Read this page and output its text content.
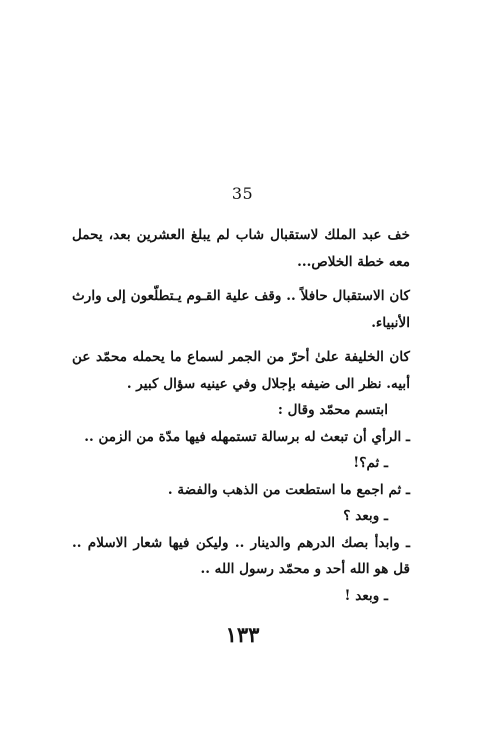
35

خف عبد الملك لاستقبال شاب لم يبلغ العشرين بعد، يحمل معه خطة الخلاص...

كان الاستقبال حافلاً .. وقف علية القـوم يـتطلّعون إلى وارث الأنبياء.

كان الخليفة علىٰ أحرّ من الجمر لسماع ما يحمله محمّد عن أبيه. نظر الى ضيفه بإجلال وفي عينيه سؤال كبير .

ابتسم محمّد وقال :

ـ الرأي أن تبعث له برسالة تستمهله فيها مدّة من الزمن ..

ـ ثم؟!

ـ ثم اجمع ما استطعت من الذهب والفضة .

ـ وبعد ؟

ـ وابدأ بصك الدرهم والدينار .. وليكن فيها شعار الاسلام .. قل هو الله أحد و محمّد رسول الله ..

ـ وبعد !

١٣٣
